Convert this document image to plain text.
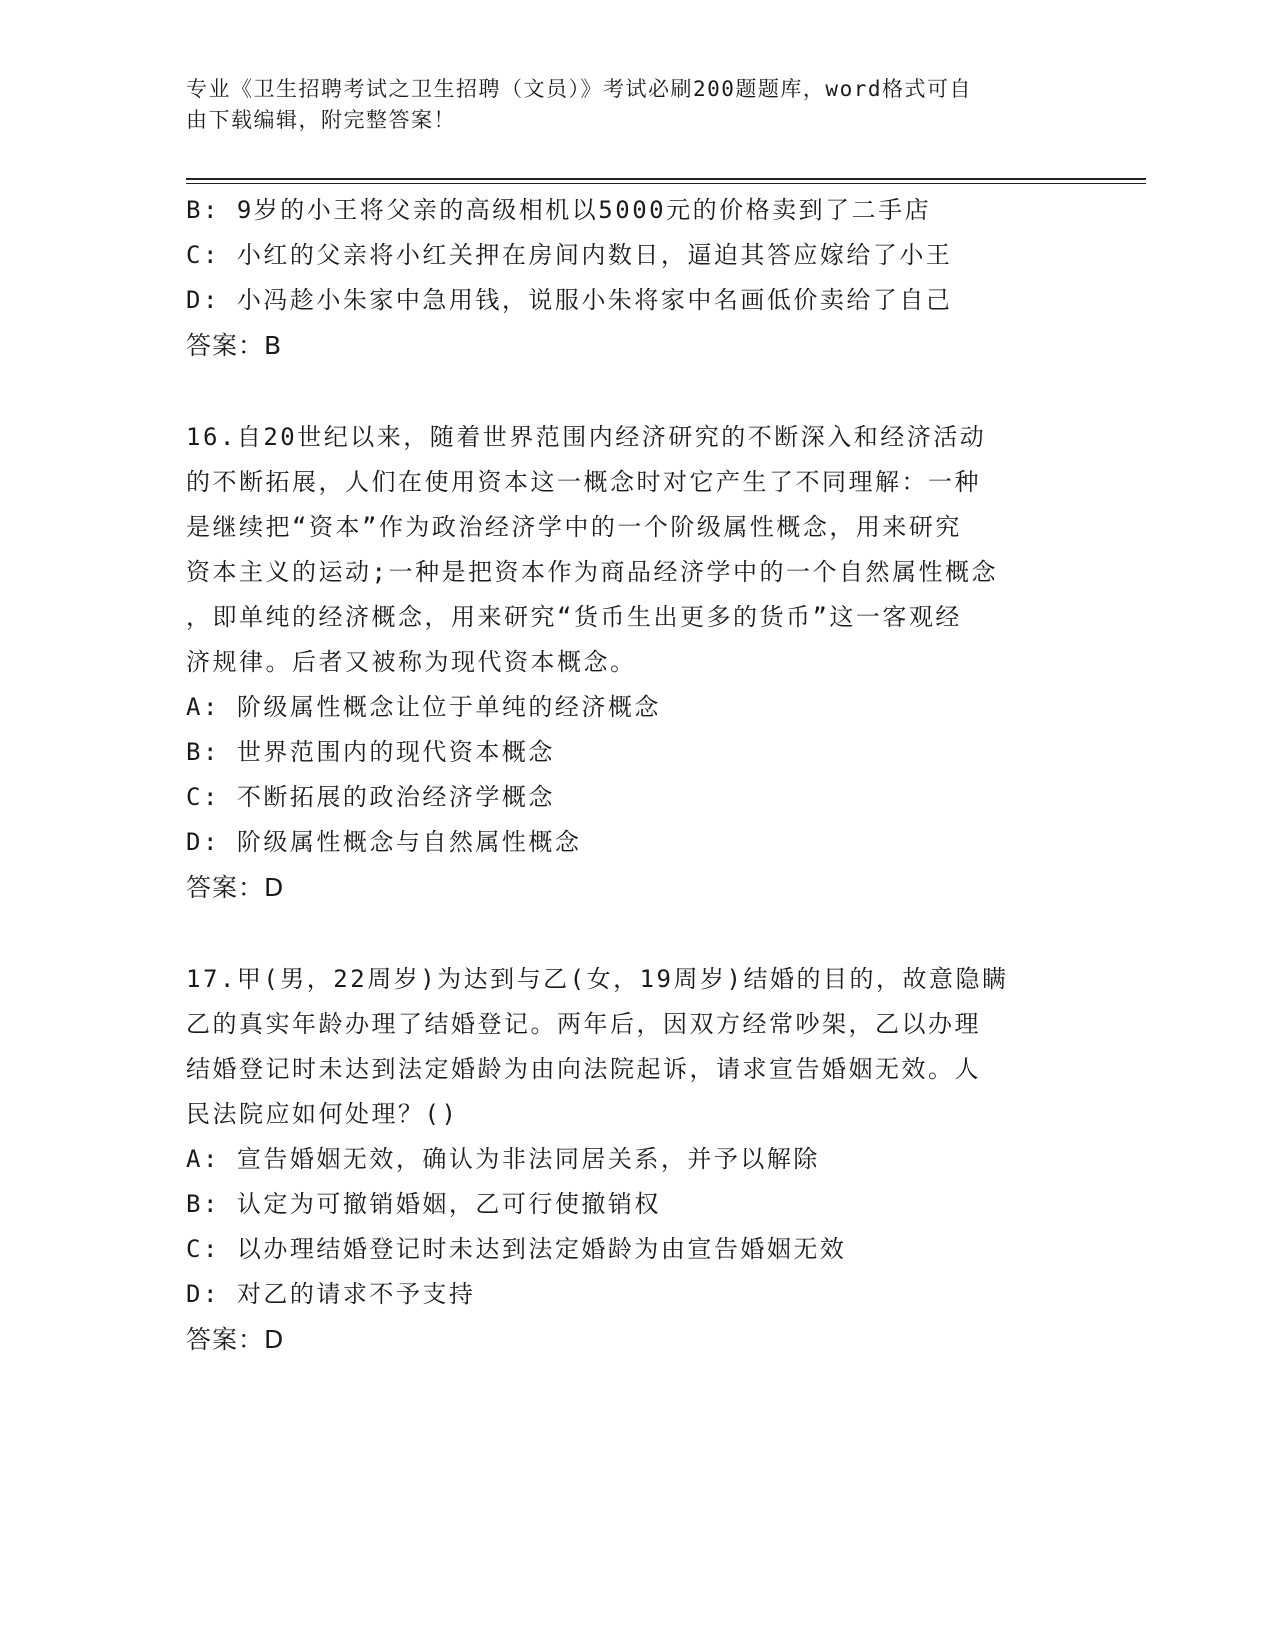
专业《卫生招聘考试之卫生招聘（文员）》考试必刷200题题库，word格式可自
由下载编辑，附完整答案！
B: 9岁的小王将父亲的高级相机以5000元的价格卖到了二手店
C: 小红的父亲将小红关押在房间内数日，逼迫其答应嫁给了小王
D: 小冯趁小朱家中急用钱，说服小朱将家中名画低价卖给了自己
答案：B
16.自20世纪以来，随着世界范围内经济研究的不断深入和经济活动
的不断拓展，人们在使用资本这一概念时对它产生了不同理解：一种
是继续把“资本”作为政治经济学中的一个阶级属性概念，用来研究
资本主义的运动;一种是把资本作为商品经济学中的一个自然属性概念
，即单纯的经济概念，用来研究“货币生出更多的货币”这一客观经
济规律。后者又被称为现代资本概念。
A: 阶级属性概念让位于单纯的经济概念
B: 世界范围内的现代资本概念
C: 不断拓展的政治经济学概念
D: 阶级属性概念与自然属性概念
答案：D
17.甲(男，22周岁)为达到与乙(女，19周岁)结婚的目的，故意隐瞒
乙的真实年龄办理了结婚登记。两年后，因双方经常吵架，乙以办理
结婚登记时未达到法定婚龄为由向法院起诉，请求宣告婚姻无效。人
民法院应如何处理？()
A: 宣告婚姻无效，确认为非法同居关系，并予以解除
B: 认定为可撤销婚姻，乙可行使撤销权
C: 以办理结婚登记时未达到法定婚龄为由宣告婚姻无效
D: 对乙的请求不予支持
答案：D
